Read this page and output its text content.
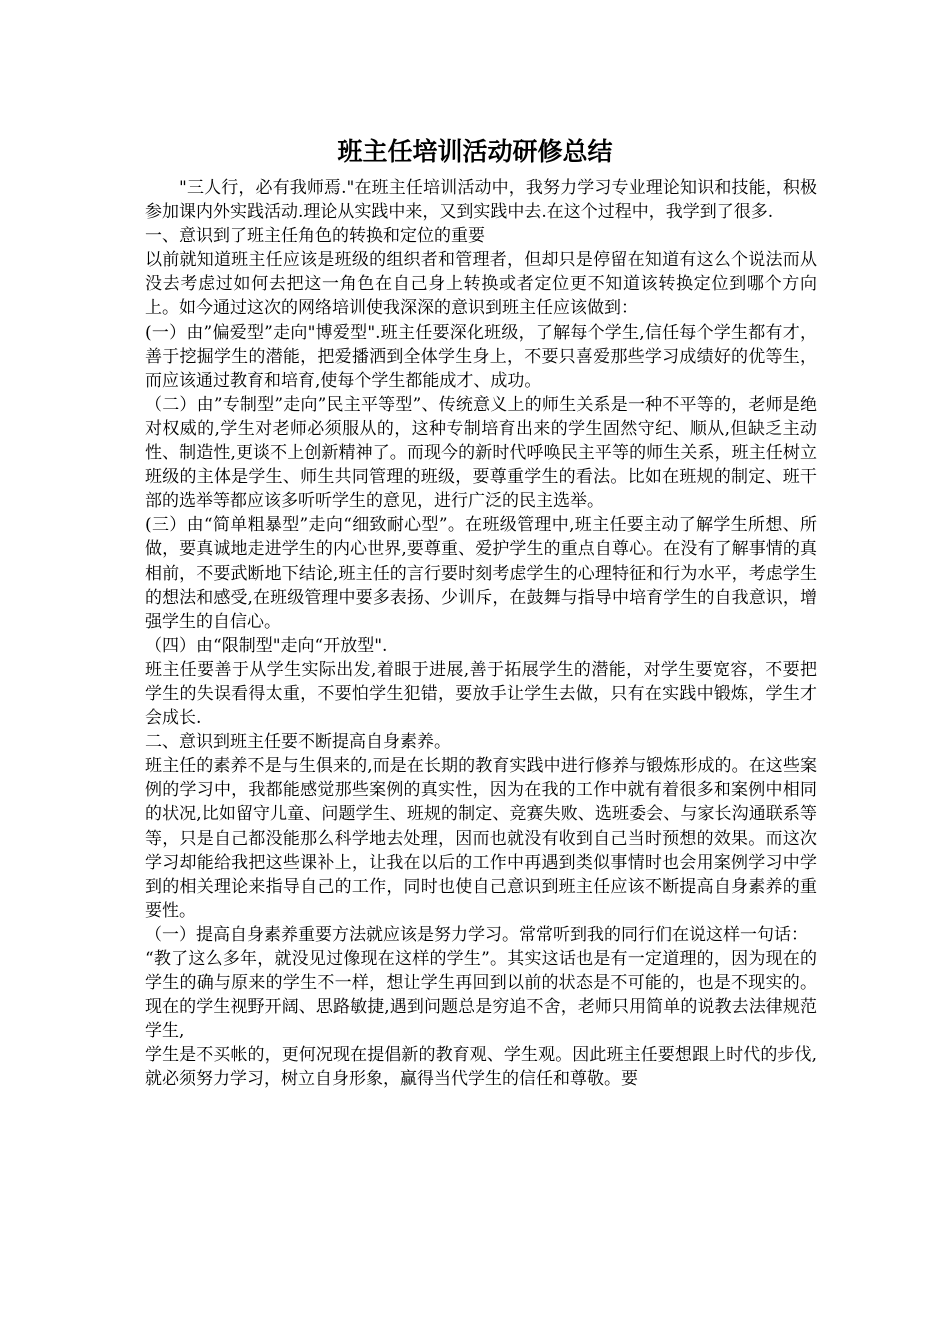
班主任培训活动研修总结

"三人行，必有我师焉."在班主任培训活动中，我努力学习专业理论知识和技能，积极参加课内外实践活动.理论从实践中来，又到实践中去.在这个过程中，我学到了很多.

一、意识到了班主任角色的转换和定位的重要

以前就知道班主任应该是班级的组织者和管理者，但却只是停留在知道有这么个说法而从没去考虑过如何去把这一角色在自己身上转换或者定位更不知道该转换定位到哪个方向上。如今通过这次的网络培训使我深深的意识到班主任应该做到：

(一）由”偏爱型”走向"博爱型".班主任要深化班级，了解每个学生,信任每个学生都有才，善于挖掘学生的潜能，把爱播洒到全体学生身上，不要只喜爱那些学习成绩好的优等生，而应该通过教育和培育,使每个学生都能成才、成功。

（二）由”专制型”走向”民主平等型”、传统意义上的师生关系是一种不平等的，老师是绝对权威的,学生对老师必须服从的，这种专制培育出来的学生固然守纪、顺从,但缺乏主动性、制造性,更谈不上创新精神了。而现今的新时代呼唤民主平等的师生关系，班主任树立班级的主体是学生、师生共同管理的班级，要尊重学生的看法。比如在班规的制定、班干部的选举等都应该多听听学生的意见，进行广泛的民主选举。

(三）由“简单粗暴型”走向“细致耐心型”。在班级管理中,班主任要主动了解学生所想、所做，要真诚地走进学生的内心世界,要尊重、爱护学生的重点自尊心。在没有了解事情的真相前，不要武断地下结论,班主任的言行要时刻考虑学生的心理特征和行为水平，考虑学生的想法和感受,在班级管理中要多表扬、少训斥，在鼓舞与指导中培育学生的自我意识，增强学生的自信心。

（四）由“限制型"走向“开放型".

班主任要善于从学生实际出发,着眼于进展,善于拓展学生的潜能，对学生要宽容，不要把学生的失误看得太重，不要怕学生犯错，要放手让学生去做，只有在实践中锻炼，学生才会成长.

二、意识到班主任要不断提高自身素养。

班主任的素养不是与生俱来的,而是在长期的教育实践中进行修养与锻炼形成的。在这些案例的学习中，我都能感觉那些案例的真实性，因为在我的工作中就有着很多和案例中相同的状况,比如留守儿童、问题学生、班规的制定、竞赛失败、选班委会、与家长沟通联系等等，只是自己都没能那么科学地去处理，因而也就没有收到自己当时预想的效果。而这次学习却能给我把这些课补上，让我在以后的工作中再遇到类似事情时也会用案例学习中学到的相关理论来指导自己的工作，同时也使自己意识到班主任应该不断提高自身素养的重要性。

（一）提高自身素养重要方法就应该是努力学习。常常听到我的同行们在说这样一句话：

“教了这么多年，就没见过像现在这样的学生”。其实这话也是有一定道理的，因为现在的学生的确与原来的学生不一样，想让学生再回到以前的状态是不可能的，也是不现实的。现在的学生视野开阔、思路敏捷,遇到问题总是穷追不舍，老师只用简单的说教去法律规范学生,

学生是不买帐的，更何况现在提倡新的教育观、学生观。因此班主任要想跟上时代的步伐,就必须努力学习，树立自身形象，赢得当代学生的信任和尊敬。要
